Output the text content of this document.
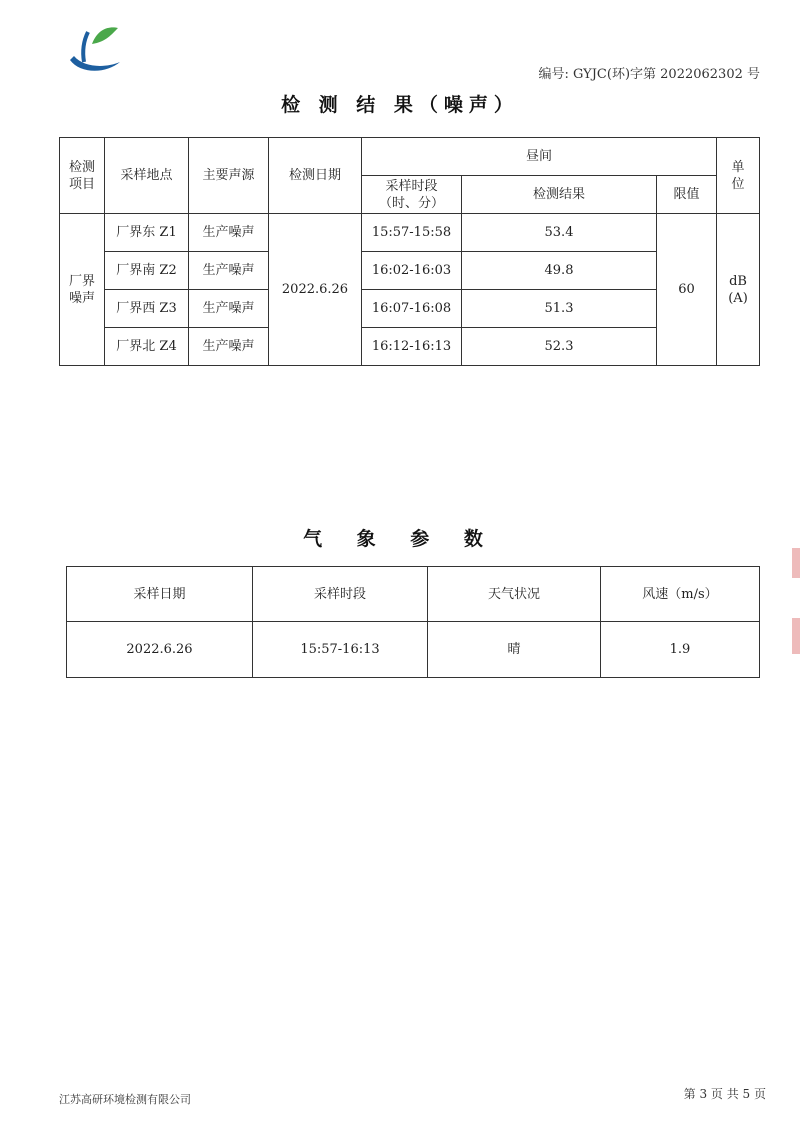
编号: GYJC(环)字第 2022062302 号
检 测 结 果（噪声）
检测项目	采样地点	主要声源	检测日期	昼间			单位
				采样时段（时、分）	检测结果	限值	
厂界噪声	厂界东 Z1	生产噪声	2022.6.26	15:57-15:58	53.4	60	dB (A)
	厂界南 Z2	生产噪声		16:02-16:03	49.8		
	厂界西 Z3	生产噪声		16:07-16:08	51.3		
	厂界北 Z4	生产噪声		16:12-16:13	52.3		
气 象 参 数
采样日期	采样时段	天气状况	风速（m/s）
2022.6.26	15:57-16:13	晴	1.9
江苏高研环境检测有限公司	第 3 页 共 5 页
